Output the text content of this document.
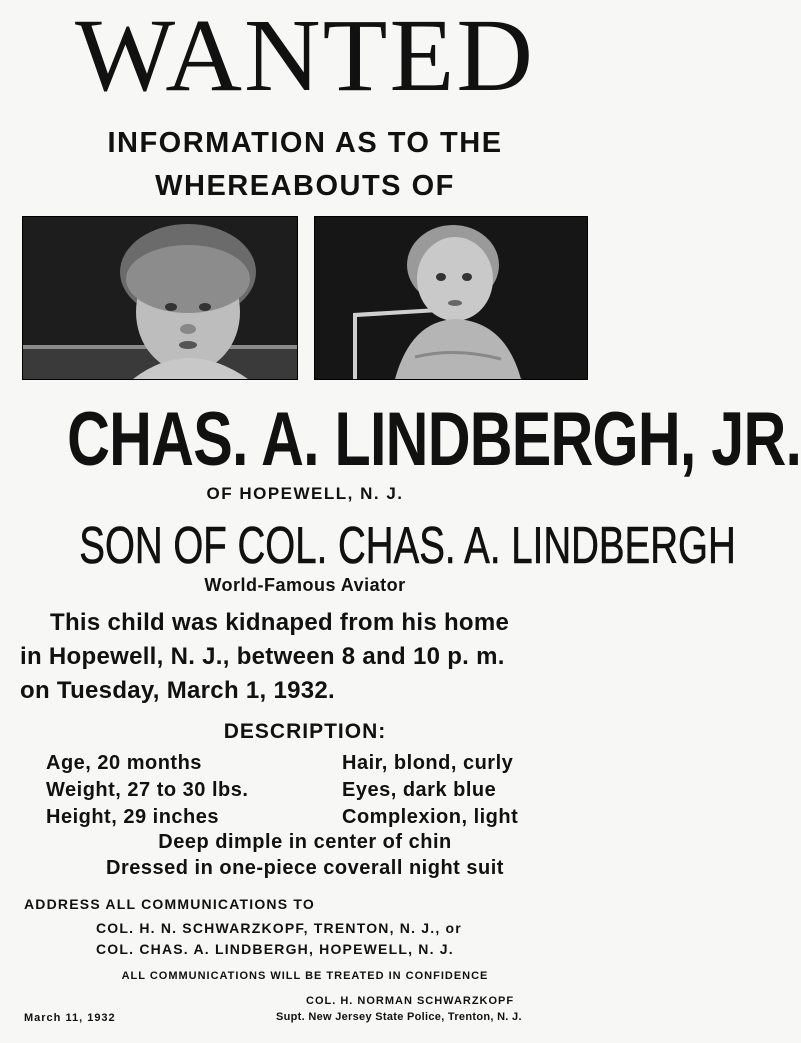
WANTED
INFORMATION AS TO THE
WHEREABOUTS OF
CHAS. A. LINDBERGH, JR.
OF HOPEWELL, N. J.
SON OF COL. CHAS. A. LINDBERGH
World-Famous Aviator
This child was kidnaped from his home
in Hopewell, N. J., between 8 and 10 p. m.
on Tuesday, March 1, 1932.
DESCRIPTION:
Age, 20 months
Weight, 27 to 30 lbs.
Height, 29 inches
Hair, blond, curly
Eyes, dark blue
Complexion, light
Deep dimple in center of chin
Dressed in one-piece coverall night suit
ADDRESS ALL COMMUNICATIONS TO
COL. H. N. SCHWARZKOPF, TRENTON, N. J., or
COL. CHAS. A. LINDBERGH, HOPEWELL, N. J.
ALL COMMUNICATIONS WILL BE TREATED IN CONFIDENCE
March 11, 1932
COL. H. NORMAN SCHWARZKOPF
Supt. New Jersey State Police, Trenton, N. J.
